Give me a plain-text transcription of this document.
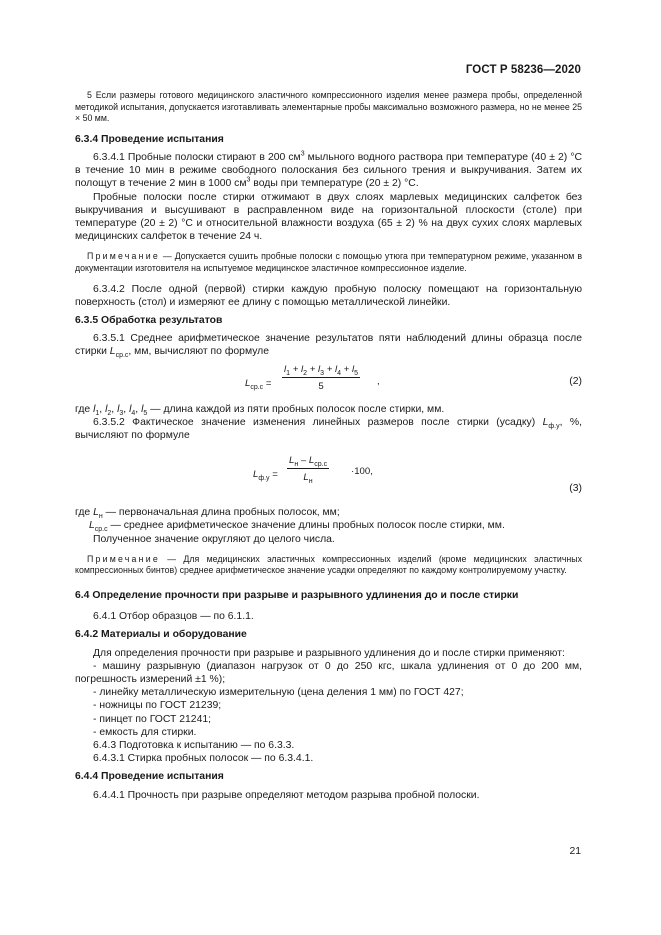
ГОСТ Р 58236—2020

5 Если размеры готового медицинского эластичного компрессионного изделия менее размера пробы, определенной методикой испытания, допускается изготавливать элементарные пробы максимально возможного размера, но не менее 25 × 50 мм.

6.3.4 Проведение испытания

6.3.4.1 Пробные полоски стирают в 200 $см^3$ мыльного водного раствора при температуре (40 ± 2) °С в течение 10 мин в режиме свободного полоскания без сильного трения и выкручивания. Затем их полощут в течение 2 мин в 1000 $см^3$ воды при температуре (20 ± 2) °С.

Пробные полоски после стирки отжимают в двух слоях марлевых медицинских салфеток без выкручивания и высушивают в расправленном виде на горизонтальной плоскости (столе) при температуре (20 ± 2) °С и относительной влажности воздуха (65 ± 2) % на двух сухих слоях марлевых медицинских салфеток в течение 24 ч.

Примечание — Допускается сушить пробные полоски с помощью утюга при температурном режиме, указанном в документации изготовителя на испытуемое медицинское эластичное компрессионное изделие.

6.3.4.2 После одной (первой) стирки каждую пробную полоску помещают на горизонтальную поверхность (стол) и измеряют ее длину с помощью металлической линейки.

6.3.5 Обработка результатов

6.3.5.1 Среднее арифметическое значение результатов пяти наблюдений длины образца после стирки $L_{ср.с}$, мм, вычисляют по формуле

$L_{ср.с} = \frac{l_1 + l_2 + l_3 + l_4 + l_5}{5}$ ,	(2)

где $l_1$, $l_2$, $l_3$, $l_4$, $l_5$ — длина каждой из пяти пробных полосок после стирки, мм.

6.3.5.2 Фактическое значение изменения линейных размеров после стирки (усадку) $L_{ф.у}$, %, вычисляют по формуле

$L_{ф.у}$ =
$L_н - L_{ср.с}$
$L_н$
·100,
(3)

где $L_н$ — первоначальная длина пробных полосок, мм;

$L_{ср.с}$ — среднее арифметическое значение длины пробных полосок после стирки, мм.

Полученное значение округляют до целого числа.

Примечание — Для медицинских эластичных компрессионных изделий (кроме медицинских эластичных компрессионных бинтов) среднее арифметическое значение усадки определяют по каждому контролируемому участку.

6.4 Определение прочности при разрыве и разрывного удлинения до и после стирки

6.4.1 Отбор образцов — по 6.1.1.

6.4.2 Материалы и оборудование

Для определения прочности при разрыве и разрывного удлинения до и после стирки применяют:

- машину разрывную (диапазон нагрузок от 0 до 250 кгс, шкала удлинения от 0 до 200 мм, погрешность измерений ±1 %);

- линейку металлическую измерительную (цена деления 1 мм) по ГОСТ 427;

- ножницы по ГОСТ 21239;

- пинцет по ГОСТ 21241;

- емкость для стирки.

6.4.3 Подготовка к испытанию — по 6.3.3.

6.4.3.1 Стирка пробных полосок — по 6.3.4.1.

6.4.4 Проведение испытания

6.4.4.1 Прочность при разрыве определяют методом разрыва пробной полоски.

21
